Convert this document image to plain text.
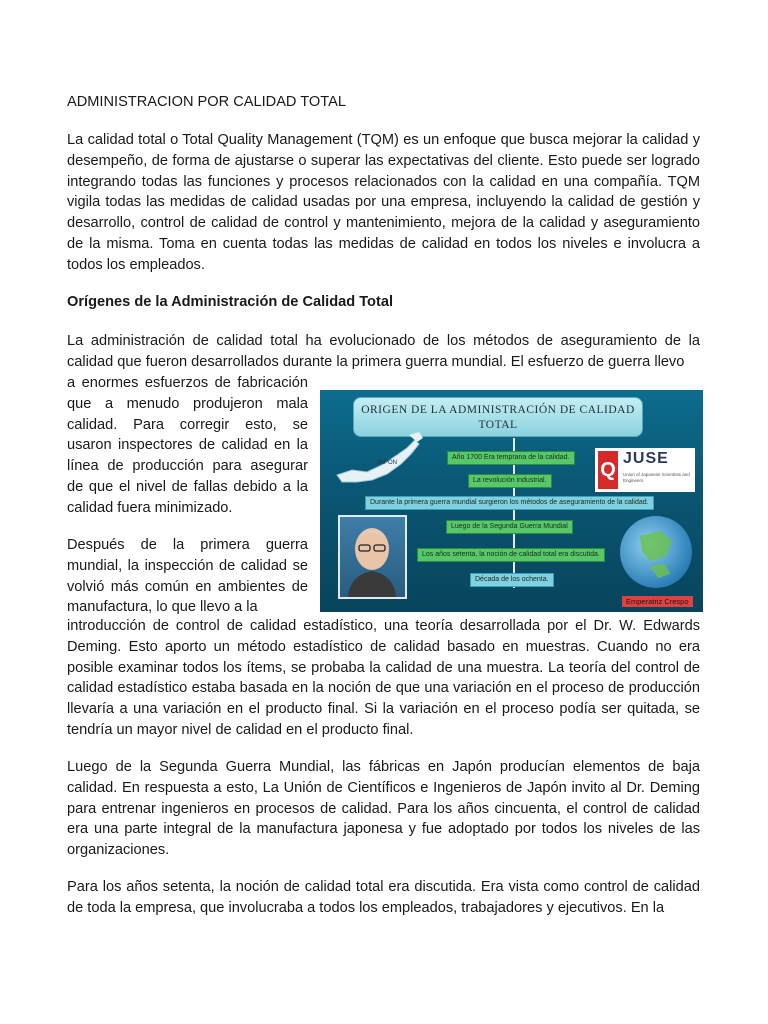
ADMINISTRACION POR CALIDAD TOTAL

La calidad total o Total Quality Management (TQM) es un enfoque que busca mejorar la calidad y desempeño, de forma de ajustarse o superar las expectativas del cliente. Esto puede ser logrado integrando todas las funciones y procesos relacionados con la calidad en una compañía. TQM vigila todas las medidas de calidad usadas por una empresa, incluyendo la calidad de gestión y desarrollo, control de calidad de control y mantenimiento, mejora de la calidad y aseguramiento de la misma. Toma en cuenta todas las medidas de calidad en todos los niveles e involucra a todos los empleados.

Orígenes de la Administración de Calidad Total

La administración de calidad total ha evolucionado de los métodos de aseguramiento de la calidad que fueron desarrollados durante la primera guerra mundial. El esfuerzo de guerra llevo

a enormes esfuerzos de fabricación que a menudo produjeron mala calidad. Para corregir esto, se usaron inspectores de calidad en la línea de producción para asegurar de que el nivel de fallas debido a la calidad fuera minimizado.

Después de la primera guerra mundial, la inspección de calidad se volvió más común en ambientes de manufactura, lo que llevo a la

introducción de control de calidad estadístico, una teoría desarrollada por el Dr. W. Edwards Deming. Esto aporto un método estadístico de calidad basado en muestras. Cuando no era posible examinar todos los ítems, se probaba la calidad de una muestra. La teoría del control de calidad estadístico estaba basada en la noción de que una variación en el proceso de producción llevaría a una variación en el producto final. Si la variación en el proceso podía ser quitada, se tendría un mayor nivel de calidad en el producto final.

Luego de la Segunda Guerra Mundial, las fábricas en Japón producían elementos de baja calidad. En respuesta a esto, La Unión de Científicos e Ingenieros de Japón invito al Dr. Deming para entrenar ingenieros en procesos de calidad. Para los años cincuenta, el control de calidad era una parte integral de la manufactura japonesa y fue adoptado por todos los niveles de las organizaciones.

Para los años setenta, la noción de calidad total era discutida. Era vista como control de calidad de toda la empresa, que involucraba a todos los empleados, trabajadores y ejecutivos. En la

ORIGEN DE LA ADMINISTRACIÓN DE CALIDAD TOTAL
JAPON
Año 1700 Era temprana de la calidad.
La revolución industrial.
Durante la primera guerra mundial surgieron los métodos de aseguramiento de la calidad.
Luego de la Segunda Guerra Mundial
Los años setenta, la noción de calidad total era discutida.
Década de los ochenta.
Q
JUSE
Union of Japanese Scientists and Engineers
Emperatriz Crespo
